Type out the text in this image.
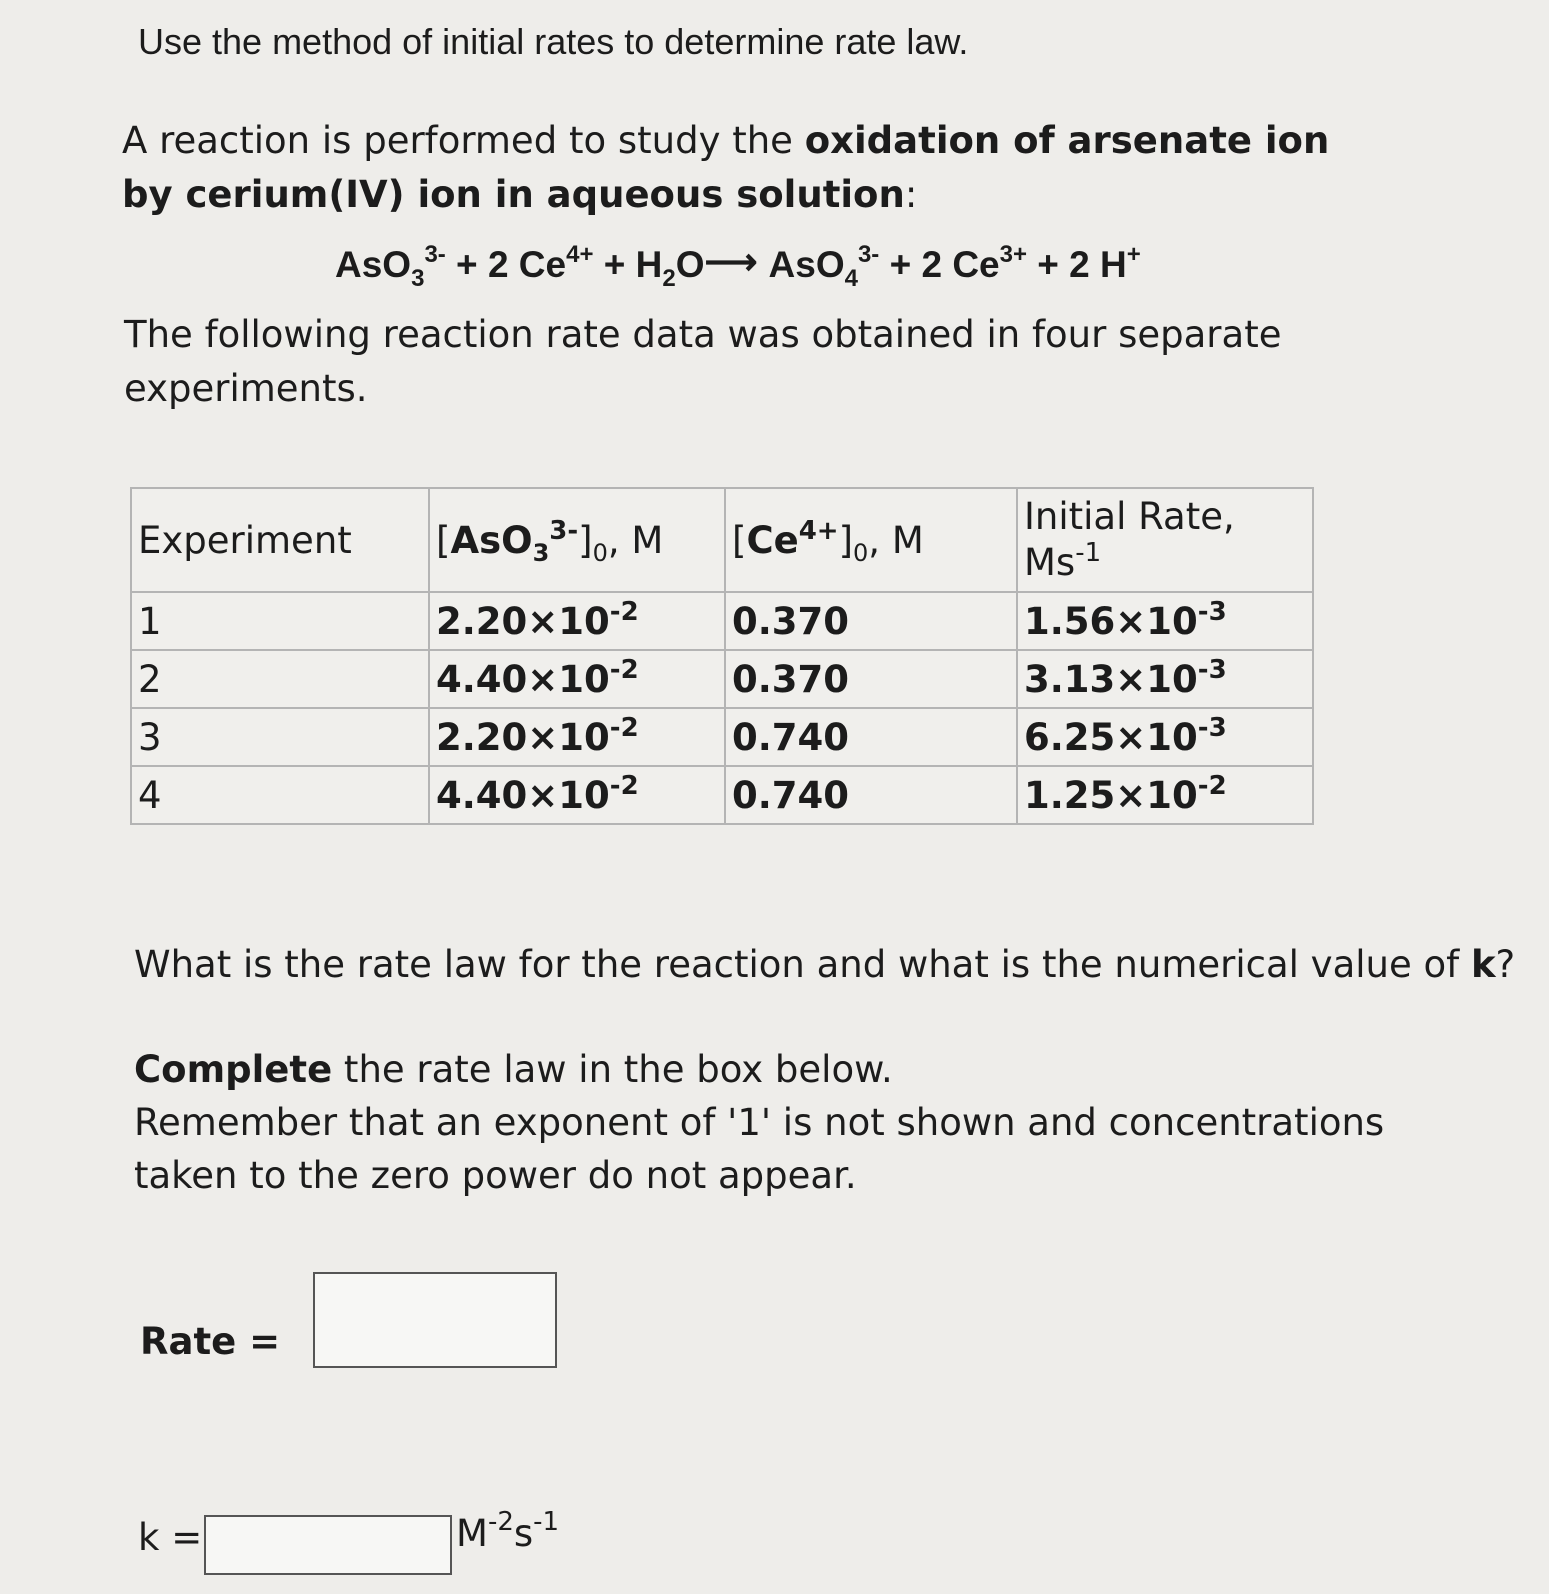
Use the method of initial rates to determine rate law.
A reaction is performed to study the oxidation of arsenate ion by cerium(IV) ion in aqueous solution:
AsO$_3^{3-}$ + 2 $Ce^{4+}$ + $H_2O⟶$ AsO$_4^{3-}$ + 2 $Ce^{3+} + 2$ H+
The following reaction rate data was obtained in four separate experiments.
Experiment	$[AsO_3^{3-}]_0$, M	$[Ce^{4+}]_0$, M	Initial Rate,
$Ms^{-1}$
1	$2.20\times 10^{-2}$	0.370	$1.56\times 10^{-3}$
2	$4.40\times 10^{-2}$	0.370	$3.13\times 10^{-3}$
3	$2.20\times 10^{-2}$	0.740	$6.25\times 10^{-3}$
4	$4.40\times 10^{-2}$	0.740	$1.25\times 10^{-2}$
What is the rate law for the reaction and what is the numerical value of k?
Complete the rate law in the box below.
Remember that an exponent of '1' is not shown and concentrations taken to the zero power do not appear.
Rate =
k =	$M^{-2}s^{-1}$
